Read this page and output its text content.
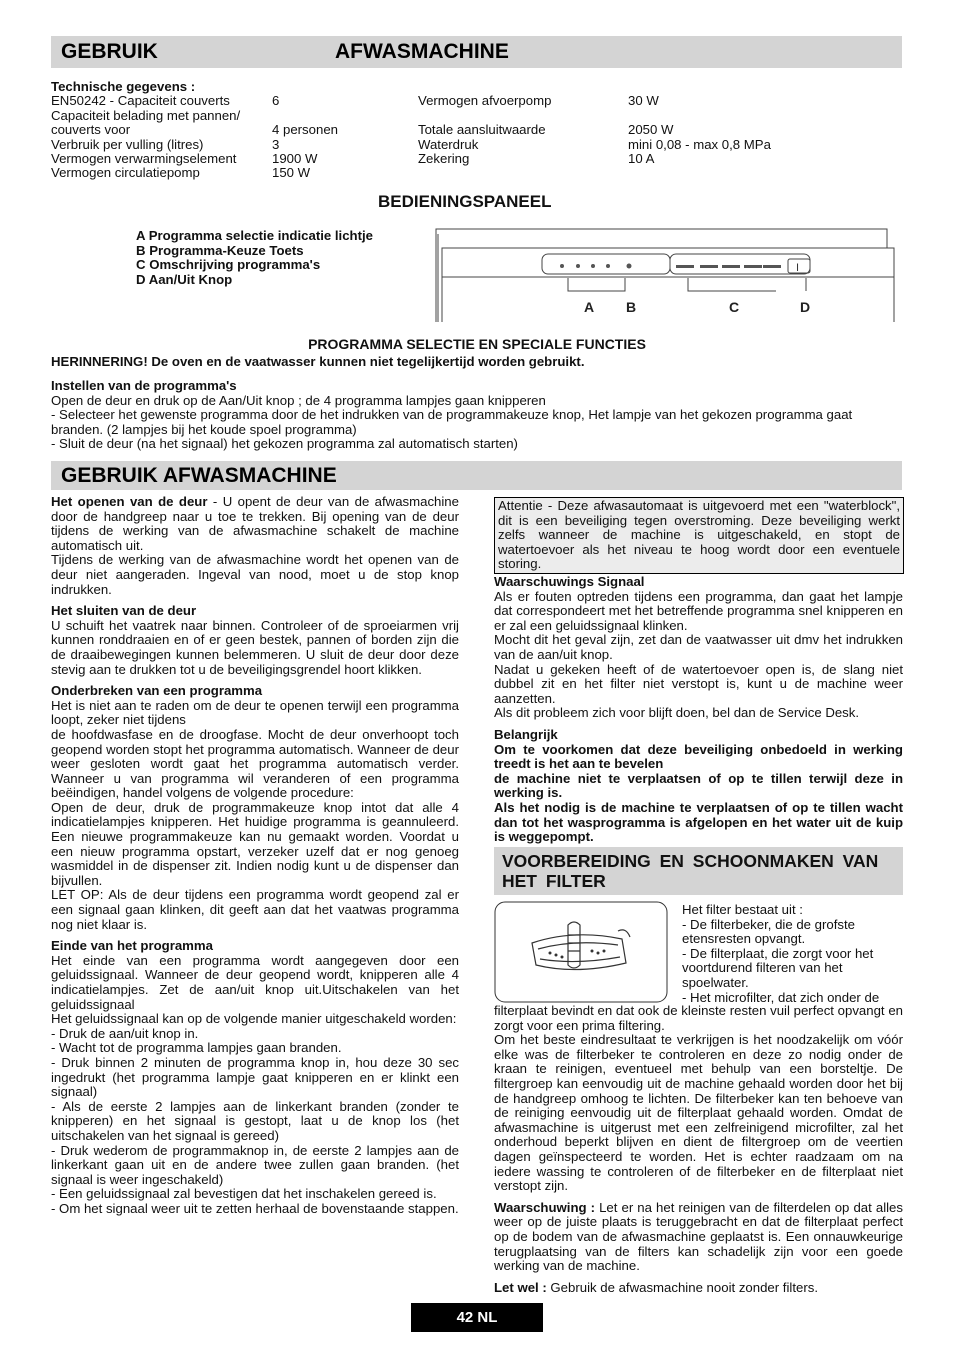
GEBRUIK	AFWASMACHINE
Technische gegevens :
EN50242 - Capaciteit couverts	6	Vermogen afvoerpomp	30 W
Capaciteit belading met pannen/
couverts voor	4 personen	Totale aansluitwaarde	2050 W
Verbruik per vulling (litres)	3	Waterdruk	mini 0,08 - max 0,8 MPa
Vermogen verwarmingselement	1900 W	Zekering	10 A
Vermogen circulatiepomp	150 W
BEDIENINGSPANEEL
A Programma selectie indicatie lichtje
B Programma-Keuze Toets
C Omschrijving programma's
D Aan/Uit Knop
I
A B	C	D
PROGRAMMA SELECTIE EN SPECIALE FUNCTIES
HERINNERING! De oven en de vaatwasser kunnen niet tegelijkertijd worden gebruikt.
Instellen van de programma's
Open de deur en druk op de Aan/Uit knop ; de 4 programma lampjes gaan knipperen
- Selecteer het gewenste programma door de het indrukken van de programmakeuze knop, Het lampje van het gekozen programma gaat branden. (2 lampjes bij het koude spoel programma)
- Sluit de deur (na het signaal) het gekozen programma zal automatisch starten)
GEBRUIK AFWASMACHINE

Het openen van de deur - U opent de deur van de afwasmachine door de handgreep naar u toe te trekken. Bij opening van de deur tijdens de werking van de afwasmachine schakelt de machine automatisch uit.

Tijdens de werking van de afwasmachine wordt het openen van de deur niet aangeraden. Ingeval van nood, moet u de stop knop indrukken.

Het sluiten van de deur

U schuift het vaatrek naar binnen. Controleer of de sproeiarmen vrij kunnen ronddraaien en of er geen bestek, pannen of borden zijn die de draaibewegingen kunnen belemmeren. U sluit de deur door deze stevig aan te drukken tot u de beveiligingsgrendel hoort klikken.

Onderbreken van een programma

Het is niet aan te raden om de deur te openen terwijl een programma loopt, zeker niet tijdens

de hoofdwasfase en de droogfase. Mocht de deur onverhoopt toch geopend worden stopt het programma automatisch. Wanneer de deur weer gesloten wordt gaat het programma automatisch verder. Wanneer u van programma wil veranderen of een programma beëindigen, handel volgens de volgende procedure:

Open de deur, druk de programmakeuze knop intot dat alle 4 indicatielampjes knipperen. Het huidige programma is geannuleerd. Een nieuwe programmakeuze kan nu gemaakt worden. Voordat u een nieuw programma opstart, verzeker uzelf dat er nog genoeg wasmiddel in de dispenser zit. Indien nodig kunt u de dispenser dan bijvullen.

LET OP: Als de deur tijdens een programma wordt geopend zal er een signaal gaan klinken, dit geeft aan dat het vaatwas programma nog niet klaar is.

Einde van het programma

Het einde van een programma wordt aangegeven door een geluidssignaal. Wanneer de deur geopend wordt, knipperen alle 4 indicatielampjes. Zet de aan/uit knop uit.Uitschakelen van het geluidssignaal

Het geluidssignaal kan op de volgende manier uitgeschakeld worden:

- Druk de aan/uit knop in.

- Wacht tot de programma lampjes gaan branden.

- Druk binnen 2 minuten de programma knop in, hou deze 30 sec ingedrukt (het programma lampje gaat knipperen en er klinkt een signaal)

- Als de eerste 2 lampjes aan de linkerkant branden (zonder te knipperen) en het signaal is gestopt, laat u de knop los (het uitschakelen van het signaal is gereed)

- Druk wederom de programmaknop in, de eerste 2 lampjes aan de linkerkant gaan uit en de andere twee zullen gaan branden. (het signaal is weer ingeschakeld)

- Een geluidssignaal zal bevestigen dat het inschakelen gereed is.

- Om het signaal weer uit te zetten herhaal de bovenstaande stappen.

Attentie - Deze afwasautomaat is uitgevoerd met een "waterblock", dit is een beveiliging tegen overstroming. Deze beveiliging werkt zelfs wanneer de machine is uitgeschakeld, en stopt de watertoevoer als het niveau te hoog wordt door een eventuele storing.

Waarschuwings Signaal

Als er fouten optreden tijdens een programma, dan gaat het lampje dat correspondeert met het betreffende programma snel knipperen en er zal een geluidssignaal klinken.

Mocht dit het geval zijn, zet dan de vaatwasser uit dmv het indrukken van de aan/uit knop.

Nadat u gekeken heeft of de watertoevoer open is, de slang niet dubbel zit en het filter niet verstopt is, kunt u de machine weer aanzetten.

Als dit probleem zich voor blijft doen, bel dan de Service Desk.

Belangrijk

Om te voorkomen dat deze beveiliging onbedoeld in werking treedt is het aan te bevelen

de machine niet te verplaatsen of op te tillen terwijl deze in werking is.

Als het nodig is de machine te verplaatsen of op te tillen wacht dan tot het wasprogramma is afgelopen en het water uit de kuip is weggepompt.

VOORBEREIDING EN SCHOONMAKEN VAN HET FILTER

Het filter bestaat uit :

- De filterbeker, die de grofste etensresten opvangt.

- De filterplaat, die zorgt voor het voortdurend filteren van het spoelwater.

- Het microfilter, dat zich onder de

filterplaat bevindt en dat ook de kleinste resten vuil perfect opvangt en zorgt voor een prima filtering.

Om het beste eindresultaat te verkrijgen is het noodzakelijk om vóór elke was de filterbeker te controleren en deze zo nodig onder de kraan te reinigen, eventueel met behulp van een borsteltje. De filtergroep kan eenvoudig uit de machine gehaald worden door het bij de handgreep omhoog te lichten. De filterbeker kan ten behoeve van de reiniging eenvoudig uit de filterplaat gehaald worden. Omdat de afwasmachine is uitgerust met een zelfreinigend microfilter, zal het onderhoud beperkt blijven en dient de filtergroep om de veertien dagen geïnspecteerd te worden. Het is echter raadzaam om na iedere wassing te controleren of de filterbeker en de filterplaat niet verstopt zijn.

Waarschuwing : Let er na het reinigen van de filterdelen op dat alles weer op de juiste plaats is teruggebracht en dat de filterplaat perfect op de bodem van de afwasmachine geplaatst is. Een onnauwkeurige terugplaatsing van de filters kan schadelijk zijn voor een goede werking van de machine.

Let wel : Gebruik de afwasmachine nooit zonder filters.

42 NL
